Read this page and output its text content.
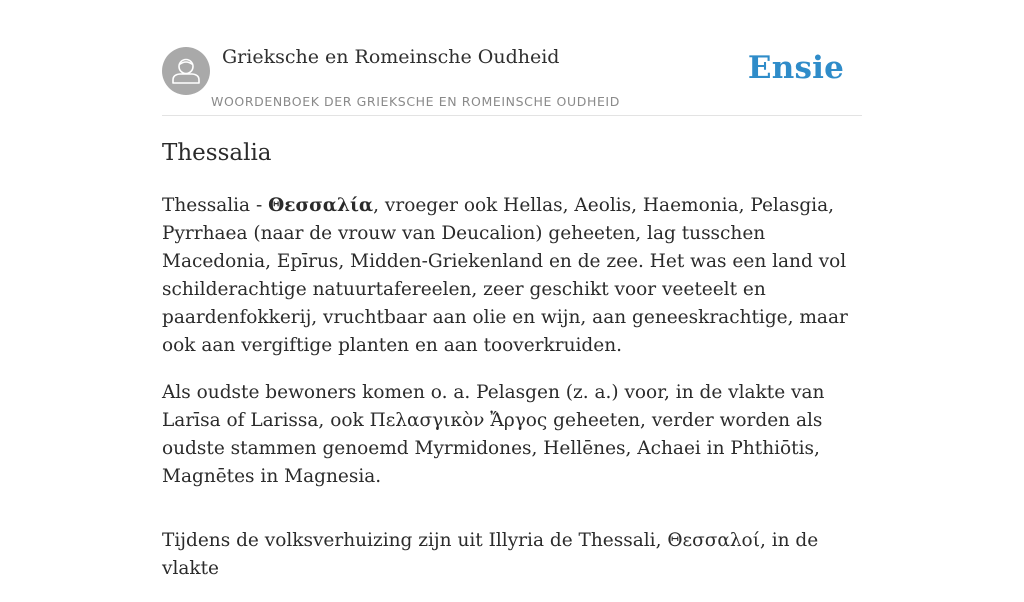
Grieksche en Romeinsche Oudheid
WOORDENBOEK DER GRIEKSCHE EN ROMEINSCHE OUDHEID
Ensie
Thessalia

Thessalia - Θεσσαλία, vroeger ook Hellas, Aeolis, Haemonia, Pelasgia, Pyrrhaea (naar de vrouw van Deucalion) geheeten, lag tusschen Macedonia, Epīrus, Midden-Griekenland en de zee. Het was een land vol schilderachtige natuurtafereelen, zeer geschikt voor veeteelt en paardenfokkerij, vruchtbaar aan olie en wijn, aan geneeskrachtige, maar ook aan vergiftige planten en aan tooverkruiden.

Als oudste bewoners komen o. a. Pelasgen (z. a.) voor, in de vlakte van Larīsa of Larissa, ook Πελασγικὸν Ἄργος geheeten, verder worden als oudste stammen genoemd Myrmidones, Hellēnes, Achaei in Phthiōtis, Magnētes in Magnesia.

Tijdens de volksverhuizing zijn uit Illyria de Thessali, Θεσσαλοί, in de vlakte
